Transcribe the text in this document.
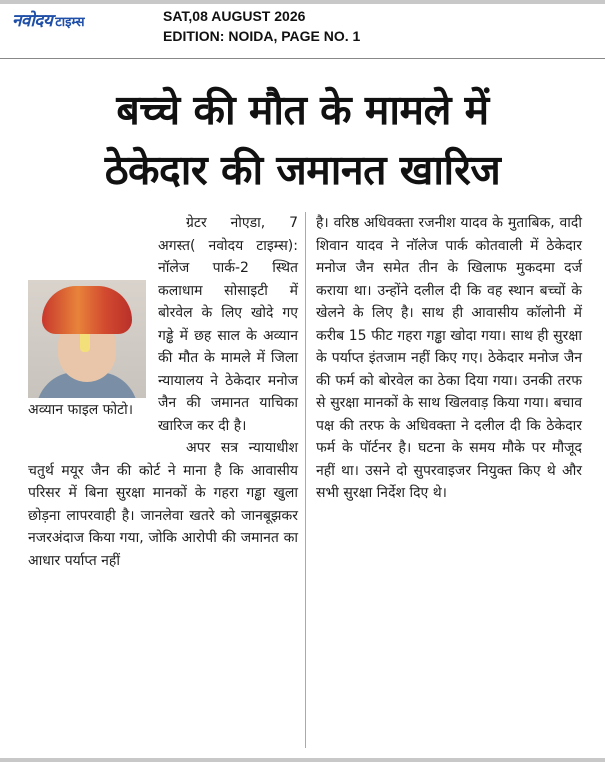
नवोदय टाइम्स	SAT,08 AUGUST 2026
EDITION: NOIDA, PAGE NO. 1
बच्चे की मौत के मामले में
ठेकेदार की जमानत खारिज
अव्यान फाइल फोटो।

ग्रेटर नोएडा, 7 अगस्त( नवोदय टाइम्स): नॉलेज पार्क-2 स्थित कलाधाम सोसाइटी में बोरवेल के लिए खोदे गए गड्ढे में छह साल के अव्यान की मौत के मामले में जिला न्यायालय ने ठेकेदार मनोज जैन की जमानत याचिका खारिज कर दी है।

अपर सत्र न्यायाधीश चतुर्थ मयूर जैन की कोर्ट ने माना है कि आवासीय परिसर में बिना सुरक्षा मानकों के गहरा गड्ढा खुला छोड़ना लापरवाही है। जानलेवा खतरे को जानबूझकर नजरअंदाज किया गया, जोकि आरोपी की जमानत का आधार पर्याप्त नहीं

है। वरिष्ठ अधिवक्ता रजनीश यादव के मुताबिक, वादी शिवान यादव ने नॉलेज पार्क कोतवाली में ठेकेदार मनोज जैन समेत तीन के खिलाफ मुकदमा दर्ज कराया था। उन्होंने दलील दी कि वह स्थान बच्चों के खेलने के लिए है। साथ ही आवासीय कॉलोनी में करीब 15 फीट गहरा गड्ढा खोदा गया। साथ ही सुरक्षा के पर्याप्त इंतजाम नहीं किए गए। ठेकेदार मनोज जैन की फर्म को बोरवेल का ठेका दिया गया। उनकी तरफ से सुरक्षा मानकों के साथ खिलवाड़ किया गया। बचाव पक्ष की तरफ के अधिवक्ता ने दलील दी कि ठेकेदार फर्म के पॉर्टनर है। घटना के समय मौके पर मौजूद नहीं था। उसने दो सुपरवाइजर नियुक्त किए थे और सभी सुरक्षा निर्देश दिए थे।
